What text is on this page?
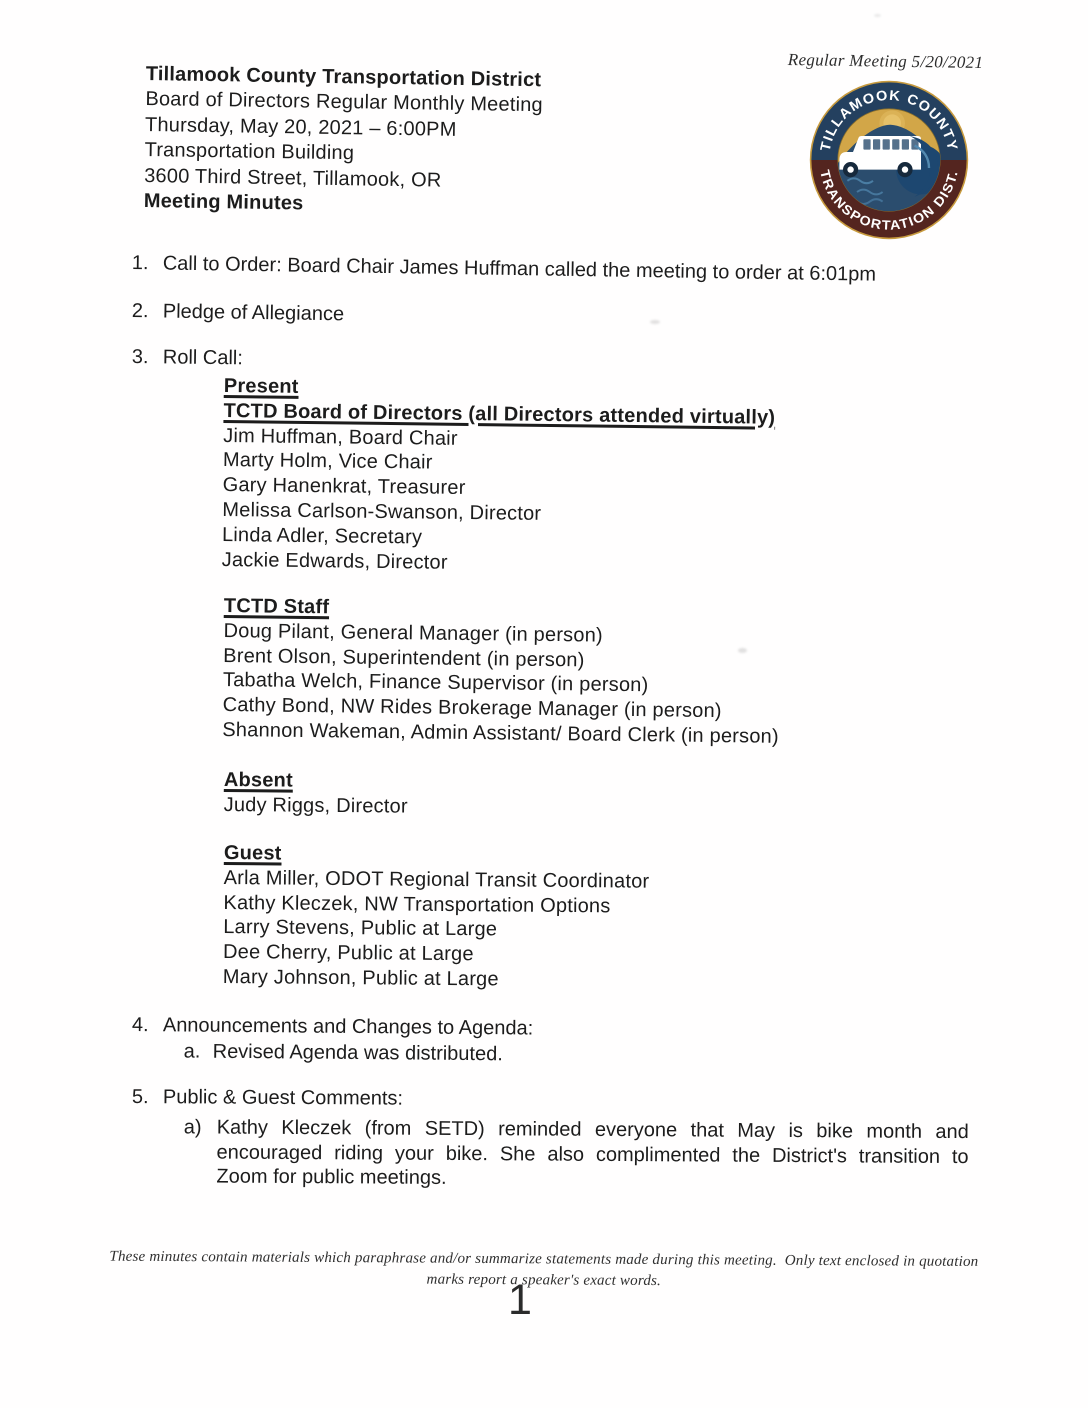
Regular Meeting 5/20/2021
TILLAMOOK COUNTY
TRANSPORTATION DIST.
Tillamook County Transportation District
Board of Directors Regular Monthly Meeting
Thursday, May 20, 2021 – 6:00PM
Transportation Building
3600 Third Street, Tillamook, OR
Meeting Minutes
1. Call to Order: Board Chair James Huffman called the meeting to order at 6:01pm
2. Pledge of Allegiance
3. Roll Call:
Present
TCTD Board of Directors (all Directors attended virtually)
Jim Huffman, Board Chair
Marty Holm, Vice Chair
Gary Hanenkrat, Treasurer
Melissa Carlson-Swanson, Director
Linda Adler, Secretary
Jackie Edwards, Director
TCTD Staff
Doug Pilant, General Manager (in person)
Brent Olson, Superintendent (in person)
Tabatha Welch, Finance Supervisor (in person)
Cathy Bond, NW Rides Brokerage Manager (in person)
Shannon Wakeman, Admin Assistant/ Board Clerk (in person)
Absent
Judy Riggs, Director
Guest
Arla Miller, ODOT Regional Transit Coordinator
Kathy Kleczek, NW Transportation Options
Larry Stevens, Public at Large
Dee Cherry, Public at Large
Mary Johnson, Public at Large
4. Announcements and Changes to Agenda:
a. Revised Agenda was distributed.
5. Public & Guest Comments:
a) Kathy Kleczek (from SETD) reminded everyone that May is bike month and
encouraged riding your bike. She also complimented the District's transition to
Zoom for public meetings.
These minutes contain materials which paraphrase and/or summarize statements made during this meeting.  Only text enclosed in quotation
marks report a speaker's exact words.
1
